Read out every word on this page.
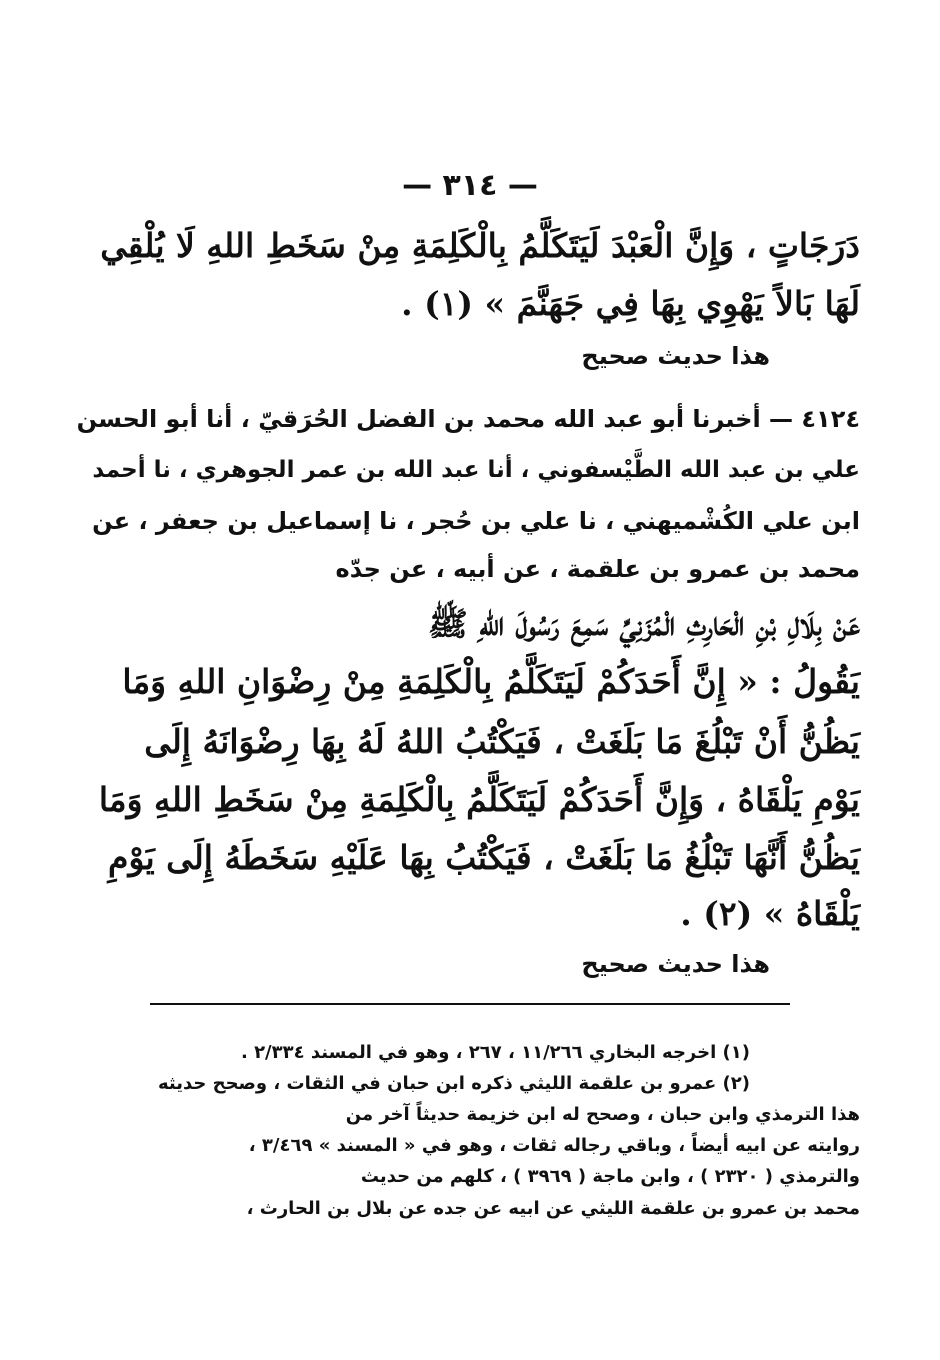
— ٣١٤ —
دَرَجَاتٍ ، وَإِنَّ الْعَبْدَ لَيَتَكَلَّمُ بِالْكَلِمَةِ مِنْ سَخَطِ اللهِ لَا يُلْقِي
لَهَا بَالاً يَهْوِي بِهَا فِي جَهَنَّمَ » (١) .
هذا حديث صحيح
٤١٢٤ — أخبرنا أبو عبد الله محمد بن الفضل الحُرَقيّ ، أنا أبو الحسن
علي بن عبد الله الطَّيْسفوني ، أنا عبد الله بن عمر الجوهري ، نا أحمد
ابن علي الكُشْميهني ، نا علي بن حُجر ، نا إسماعيل بن جعفر ، عن
محمد بن عمرو بن علقمة ، عن أبيه ، عن جدّه
عَنْ بِلَالِ بْنِ الْحَارِثِ الْمُزَنِيِّ سَمِعَ رَسُولَ اللهِ ﷺ
يَقُولُ : « إِنَّ أَحَدَكُمْ لَيَتَكَلَّمُ بِالْكَلِمَةِ مِنْ رِضْوَانِ اللهِ وَمَا
يَظُنُّ أَنْ تَبْلُغَ مَا بَلَغَتْ ، فَيَكْتُبُ اللهُ لَهُ بِهَا رِضْوَانَهُ إِلَى
يَوْمِ يَلْقَاهُ ، وَإِنَّ أَحَدَكُمْ لَيَتَكَلَّمُ بِالْكَلِمَةِ مِنْ سَخَطِ اللهِ وَمَا
يَظُنُّ أَنَّهَا تَبْلُغُ مَا بَلَغَتْ ، فَيَكْتُبُ بِهَا عَلَيْهِ سَخَطَهُ إِلَى يَوْمِ
يَلْقَاهُ » (٢) .
هذا حديث صحيح
(١) اخرجه البخاري ١١/٢٦٦ ، ٢٦٧ ، وهو في المسند ٢/٣٣٤ .
(٢) عمرو بن علقمة الليثي ذكره ابن حبان في الثقات ، وصحح حديثه
هذا الترمذي وابن حبان ، وصحح له ابن خزيمة حديثاً آخر من
روايته عن ابيه أيضاً ، وباقي رجاله ثقات ، وهو في « المسند » ٣/٤٦٩ ،
والترمذي ( ٢٣٢٠ ) ، وابن ماجة ( ٣٩٦٩ ) ، كلهم من حديث
محمد بن عمرو بن علقمة الليثي عن ابيه عن جده عن بلال بن الحارث ،
